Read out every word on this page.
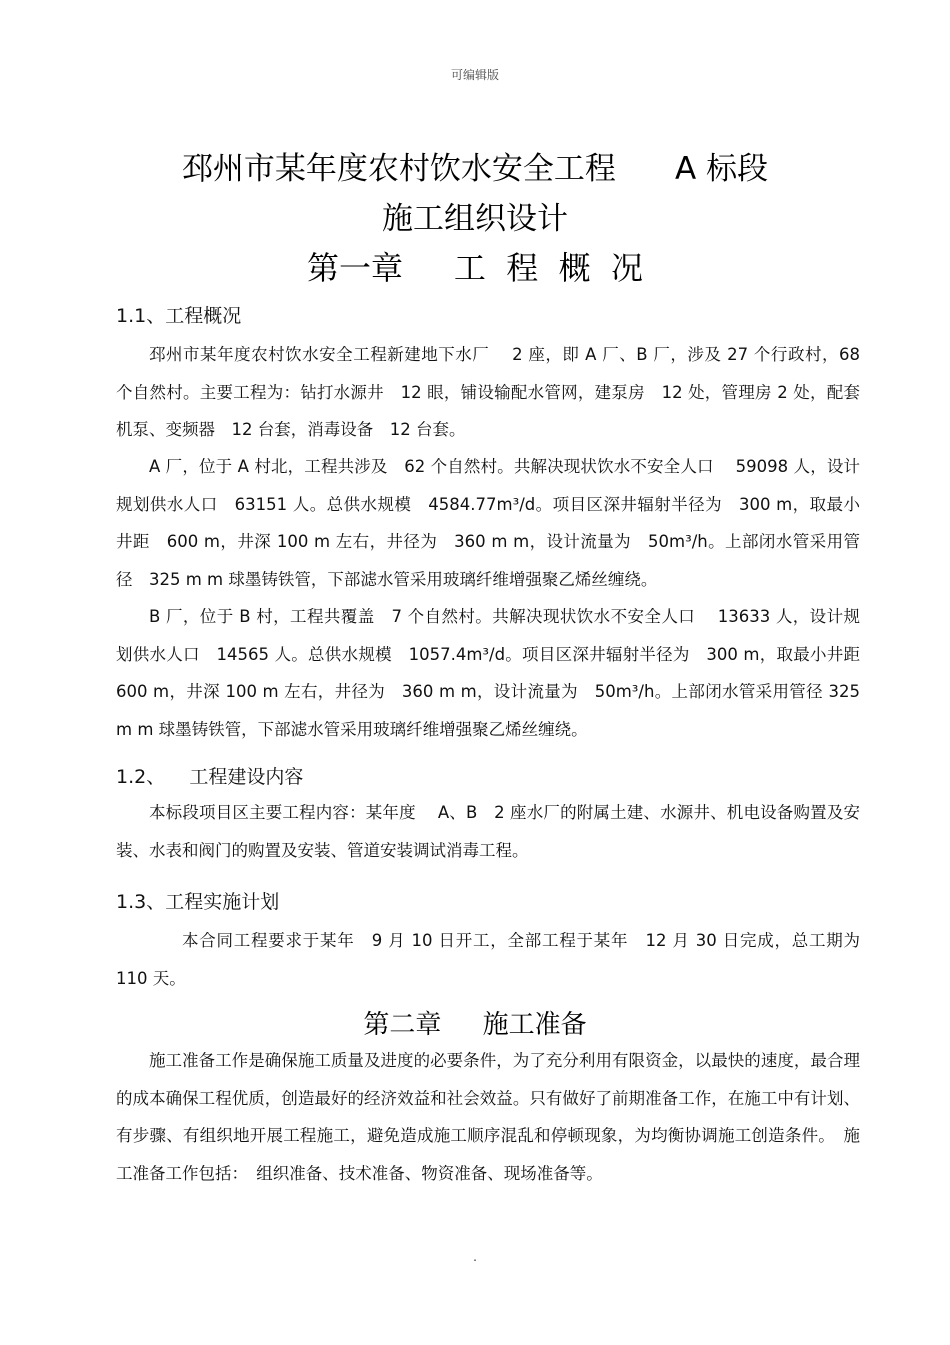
可编辑版
邳州市某年度农村饮水安全工程      A 标段
施工组织设计
第一章     工  程  概  况
1.1、工程概况

邳州市某年度农村饮水安全工程新建地下水厂　 2 座，即 A 厂、B 厂，涉及 27 个行政村，68 个自然村。主要工程为：钻打水源井　12 眼，铺设输配水管网，建泵房　12 处，管理房 2 处，配套机泵、变频器　12 台套，消毒设备　12 台套。

A 厂，位于 A 村北，工程共涉及　62 个自然村。共解决现状饮水不安全人口　 59098 人，设计规划供水人口　63151 人。总供水规模　4584.77m³/d。项目区深井辐射半径为　300 m，取最小井距　600 m，井深 100 m 左右，井径为　360 m m，设计流量为　50m³/h。上部闭水管采用管径　325 m m 球墨铸铁管，下部滤水管采用玻璃纤维增强聚乙烯丝缠绕。

B 厂，位于 B 村，工程共覆盖　7 个自然村。共解决现状饮水不安全人口　 13633 人，设计规划供水人口　14565 人。总供水规模　1057.4m³/d。项目区深井辐射半径为　300 m，取最小井距 600 m，井深 100 m 左右，井径为　360 m m，设计流量为　50m³/h。上部闭水管采用管径 325 m m 球墨铸铁管，下部滤水管采用玻璃纤维增强聚乙烯丝缠绕。

1.2、    工程建设内容

本标段项目区主要工程内容：某年度　 A、B　2 座水厂的附属土建、水源井、机电设备购置及安装、水表和阀门的购置及安装、管道安装调试消毒工程。

1.3、工程实施计划

本合同工程要求于某年　9 月 10 日开工，全部工程于某年　12 月 30 日完成，总工期为 110 天。

第二章     施工准备

施工准备工作是确保施工质量及进度的必要条件，为了充分利用有限资金，以最快的速度，最合理的成本确保工程优质，创造最好的经济效益和社会效益。只有做好了前期准备工作，在施工中有计划、有步骤、有组织地开展工程施工，避免造成施工顺序混乱和停顿现象，为均衡协调施工创造条件。　施工准备工作包括：　组织准备、技术准备、物资准备、现场准备等。

.
